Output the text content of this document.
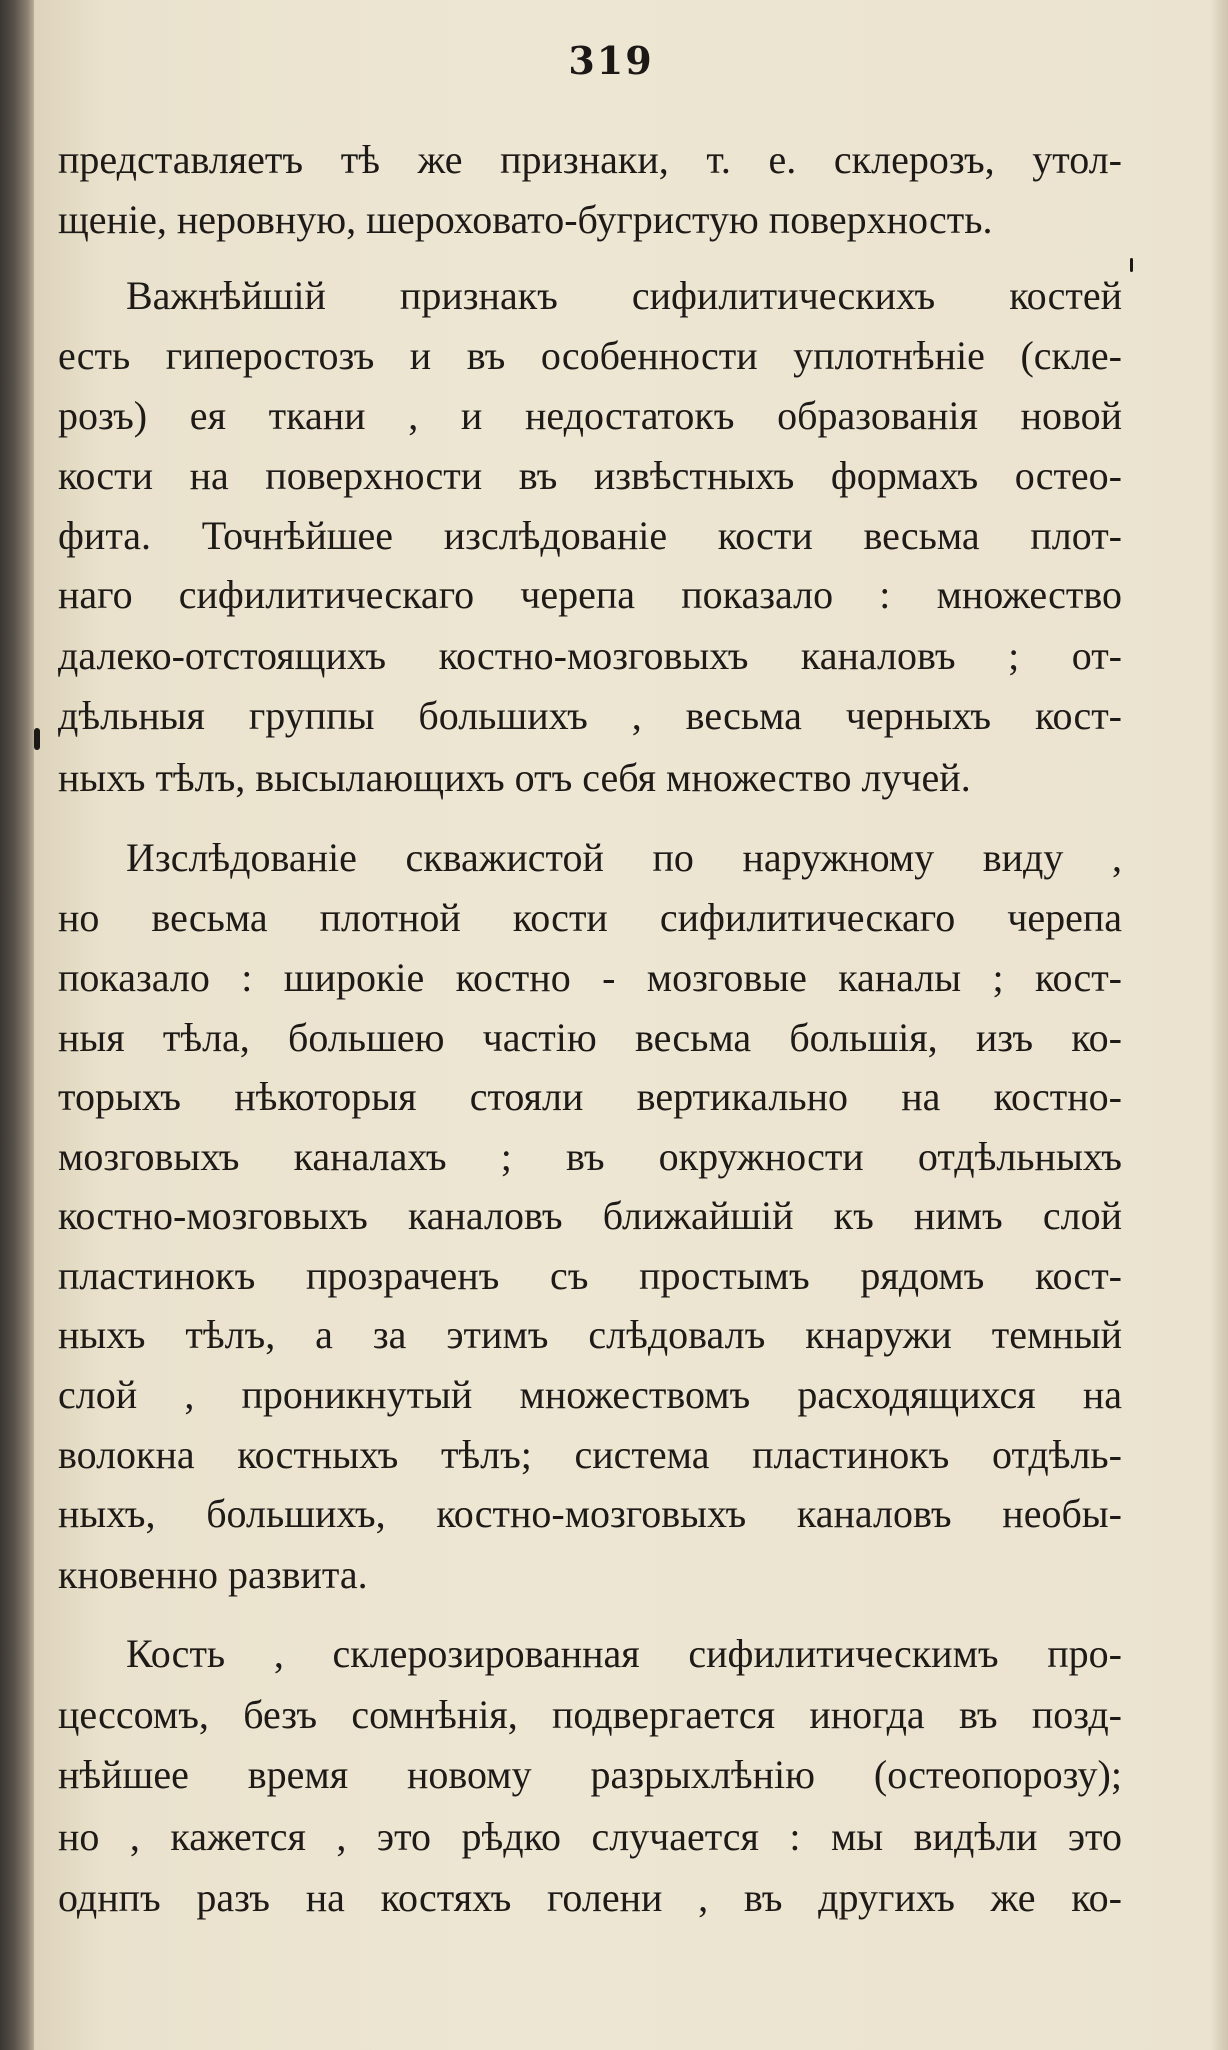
319
представляетъ тѣ же признаки, т. е. склерозъ, утол-
щеніе, неровную, шероховато-бугристую поверхность.
Важнѣйшій признакъ сифилитическихъ костей
есть гиперостозъ и въ особенности уплотнѣніе (скле-
розъ) ея ткани , и недостатокъ образованія новой
кости на поверхности въ извѣстныхъ формахъ остео-
фита. Точнѣйшее изслѣдованіе кости весьма плот-
наго сифилитическаго черепа показало : множество
далеко-отстоящихъ костно-мозговыхъ каналовъ ; от-
дѣльныя группы большихъ , весьма черныхъ кост-
ныхъ тѣлъ, высылающихъ отъ себя множество лучей.
Изслѣдованіе скважистой по наружному виду ,
но весьма плотной кости сифилитическаго черепа
показало : широкіе костно - мозговые каналы ; кост-
ныя тѣла, большею частію весьма большія, изъ ко-
торыхъ нѣкоторыя стояли вертикально на костно-
мозговыхъ каналахъ ; въ окружности отдѣльныхъ
костно-мозговыхъ каналовъ ближайшій къ нимъ слой
пластинокъ прозраченъ съ простымъ рядомъ кост-
ныхъ тѣлъ, а за этимъ слѣдовалъ кнаружи темный
слой , проникнутый множествомъ расходящихся на
волокна костныхъ тѣлъ; система пластинокъ отдѣль-
ныхъ, большихъ, костно-мозговыхъ каналовъ необы-
кновенно развита.
Кость , склерозированная сифилитическимъ про-
цессомъ, безъ сомнѣнія, подвергается иногда въ позд-
нѣйшее время новому разрыхлѣнію (остеопорозу);
но , кажется , это рѣдко случается : мы видѣли это
однпъ разъ на костяхъ голени , въ другихъ же ко-
